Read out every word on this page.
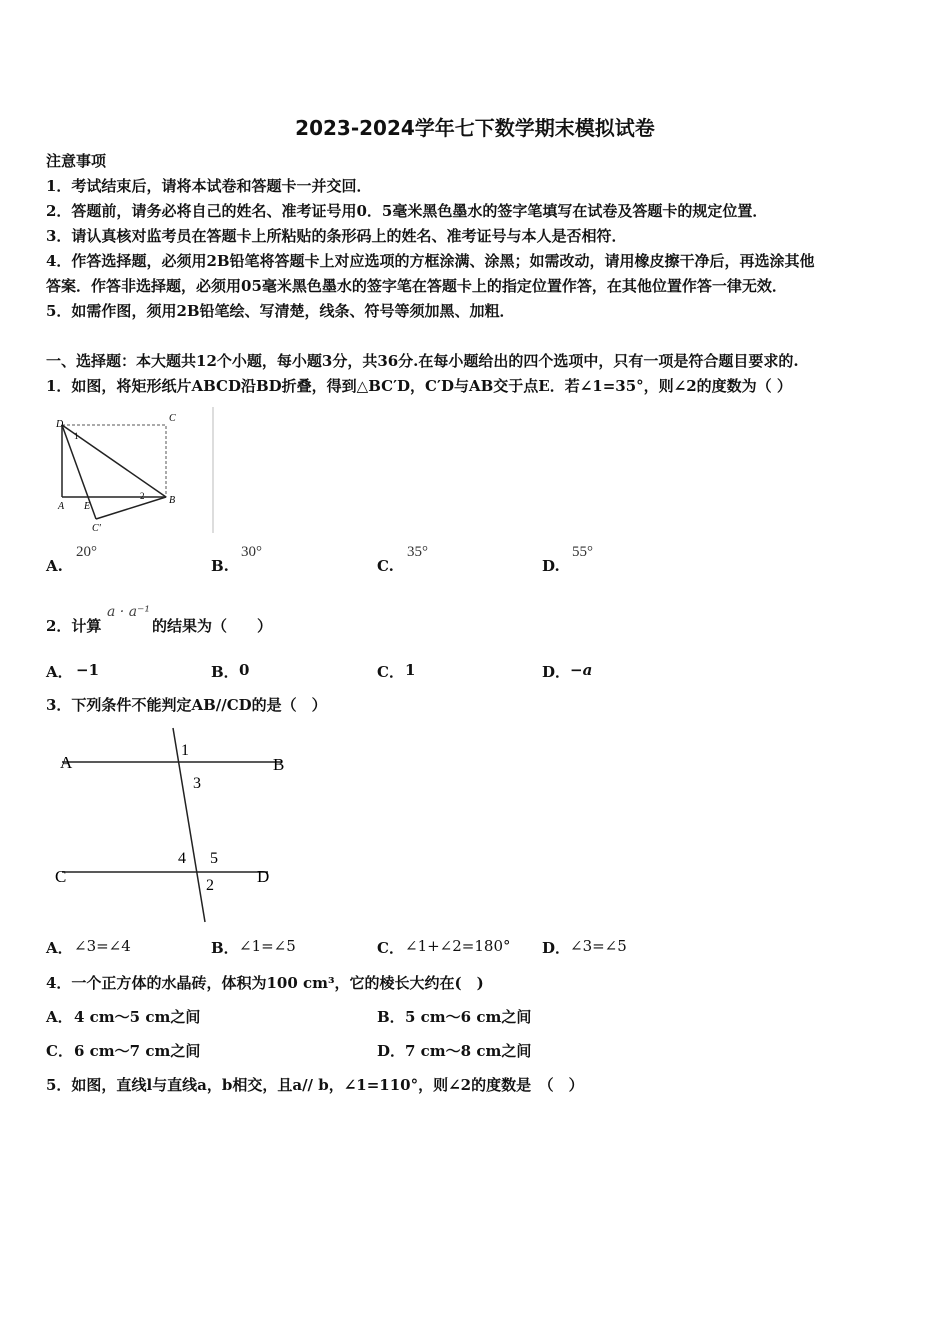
2023-2024学年七下数学期末模拟试卷
注意事项
1．考试结束后，请将本试卷和答题卡一并交回．
2．答题前，请务必将自己的姓名、准考证号用0．5毫米黑色墨水的签字笔填写在试卷及答题卡的规定位置．
3．请认真核对监考员在答题卡上所粘贴的条形码上的姓名、准考证号与本人是否相符．
4．作答选择题，必须用2B铅笔将答题卡上对应选项的方框涂满、涂黑；如需改动，请用橡皮擦干净后，再选涂其他
答案．作答非选择题，必须用05毫米黑色墨水的签字笔在答题卡上的指定位置作答，在其他位置作答一律无效．
5．如需作图，须用2B铅笔绘、写清楚，线条、符号等须加黑、加粗．
一、选择题：本大题共12个小题，每小题3分，共36分.在每小题给出的四个选项中，只有一项是符合题目要求的.
1．如图，将矩形纸片ABCD沿BD折叠，得到△BC′D，C′D与AB交于点E．若∠1=35°，则∠2的度数为（ ）
D
C
A E
B
C'
1
2
A.
20°
B.
30°
C.
35°
D.
55°
2．计算
a · a⁻¹
的结果为（　　）
A． −1	B． 0	C． 1	D． −a
3．下列条件不能判定AB//CD的是（　）
A	B
C	D
1
3
4 5
2
A． ∠3=∠4	B． ∠1=∠5	C． ∠1+∠2=180° D． ∠3=∠5
4．一个正方体的水晶砖，体积为100 cm³，它的棱长大约在(　)
A． 4 cm～5 cm之间	B． 5 cm～6 cm之间
C． 6 cm～7 cm之间	D． 7 cm～8 cm之间
5．如图，直线l与直线a，b相交，且a// b，∠1=110°，则∠2的度数是　（　）
